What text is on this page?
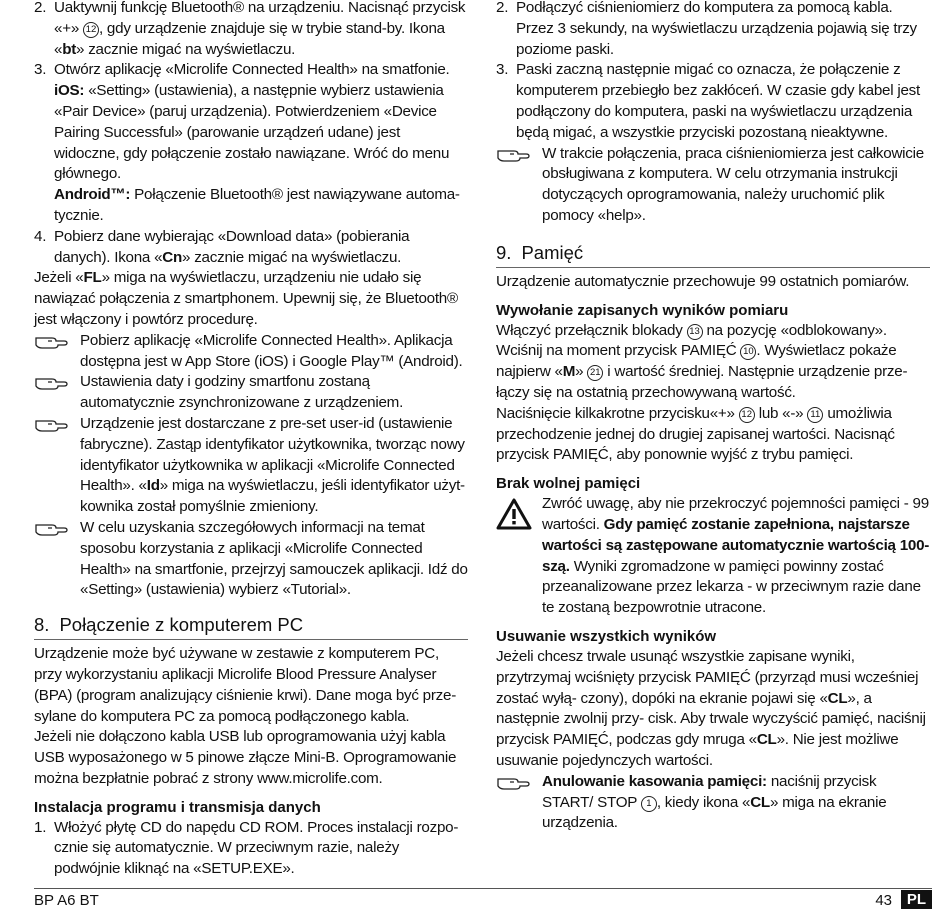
2. Uaktywnij funkcję Bluetooth® na urządzeniu. Nacisnąć przycisk «+» 12 , gdy urządzenie znajduje się w trybie stand-by. Ikona «bt» zacznie migać na wyświetlaczu.
3. Otwórz aplikację «Microlife Connected Health» na smatfonie.
iOS: «Setting» (ustawienia), a następnie wybierz ustawienia «Pair Device» (paruj urządzenia). Potwierdzeniem «Device Pairing Successful» (parowanie urządzeń udane) jest widoczne, gdy połączenie zostało nawiązane. Wróć do menu głównego.
Android™: Połączenie Bluetooth® jest nawiązywane automa- tycznie.
4. Pobierz dane wybierając «Download data» (pobierania danych). Ikona «Cn» zacznie migać na wyświetlaczu.

Jeżeli «FL» miga na wyświetlaczu, urządzeniu nie udało się nawiązać połączenia z smartphonem. Upewnij się, że Bluetooth® jest włączony i powtórz procedurę.

Pobierz aplikację «Microlife Connected Health». Aplikacja dostępna jest w App Store (iOS) i Google Play™ (Android).
Ustawienia daty i godziny smartfonu zostaną automatycznie zsynchronizowane z urządzeniem.
Urządzenie jest dostarczane z pre-set user-id (ustawienie fabryczne). Zastąp identyfikator użytkownika, tworząc nowy identyfikator użytkownika w aplikacji «Microlife Connected Health». «Id» miga na wyświetlaczu, jeśli identyfikator użyt- kownika został pomyślnie zmieniony.
W celu uzyskania szczegółowych informacji na temat sposobu korzystania z aplikacji «Microlife Connected Health» na smartfonie, przejrzyj samouczek aplikacji. Idź do «Setting» (ustawienia) wybierz «Tutorial».
8. Połączenie z komputerem PC

Urządzenie może być używane w zestawie z komputerem PC, przy wykorzystaniu aplikacji Microlife Blood Pressure Analyser (BPA) (program analizujący ciśnienie krwi). Dane moga być prze- sylane do komputera PC za pomocą podłączonego kabla.

Jeżeli nie dołączono kabla USB lub oprogramowania użyj kabla USB wyposażonego w 5 pinowe złącze Mini-B. Oprogramowanie można bezpłatnie pobrać z strony www.microlife.com.

Instalacja programu i transmisja danych
1. Włożyć płytę CD do napędu CD ROM. Proces instalacji rozpo- cznie się automatycznie. W przeciwnym razie, należy podwójnie kliknąć na «SETUP.EXE».
2. Podłączyć ciśnieniomierz do komputera za pomocą kabla. Przez 3 sekundy, na wyświetlaczu urządzenia pojawią się trzy poziome paski.
3. Paski zaczną następnie migać co oznacza, że połączenie z komputerem przebiegło bez zakłóceń. W czasie gdy kabel jest podłączony do komputera, paski na wyświetlaczu urządzenia będą migać, a wszystkie przyciski pozostaną nieaktywne.
W trakcie połączenia, praca ciśnieniomierza jest całkowicie obsługiwana z komputera. W celu otrzymania instrukcji dotyczących oprogramowania, należy uruchomić plik pomocy «help».
9. Pamięć

Urządzenie automatycznie przechowuje 99 ostatnich pomiarów.

Wywołanie zapisanych wyników pomiaru

Włączyć przełącznik blokady 13 na pozycję «odblokowany». Wciśnij na moment przycisk PAMIĘĆ 10 . Wyświetlacz pokaże najpierw «M» 21 i wartość średniej. Następnie urządzenie prze- łączy się na ostatnią przechowywaną wartość.

Naciśnięcie kilkakrotne przycisku«+» 12 lub «-» 11 umożliwia przechodzenie jednej do drugiej zapisanej wartości. Nacisnąć przycisk PAMIĘĆ, aby ponownie wyjść z trybu pamięci.

Brak wolnej pamięci
Zwróć uwagę, aby nie przekroczyć pojemności pamięci - 99 wartości. Gdy pamięć zostanie zapełniona, najstarsze wartości są zastępowane automatycznie wartością 100-szą. Wyniki zgromadzone w pamięci powinny zostać przeanalizowane przez lekarza - w przeciwnym razie dane te zostaną bezpowrotnie utracone.
Usuwanie wszystkich wyników

Jeżeli chcesz trwale usunąć wszystkie zapisane wyniki, przytrzymaj wciśnięty przycisk PAMIĘĆ (przyrząd musi wcześniej zostać wyłą- czony), dopóki na ekranie pojawi się «CL», a następnie zwolnij przy- cisk. Aby trwale wyczyścić pamięć, naciśnij przycisk PAMIĘĆ, podczas gdy mruga «CL». Nie jest możliwe usuwanie pojedynczych wartości.

Anulowanie kasowania pamięci: naciśnij przycisk START/ STOP 1 , kiedy ikona «CL» miga na ekranie urządzenia.
BP A6 BT	43 PL
